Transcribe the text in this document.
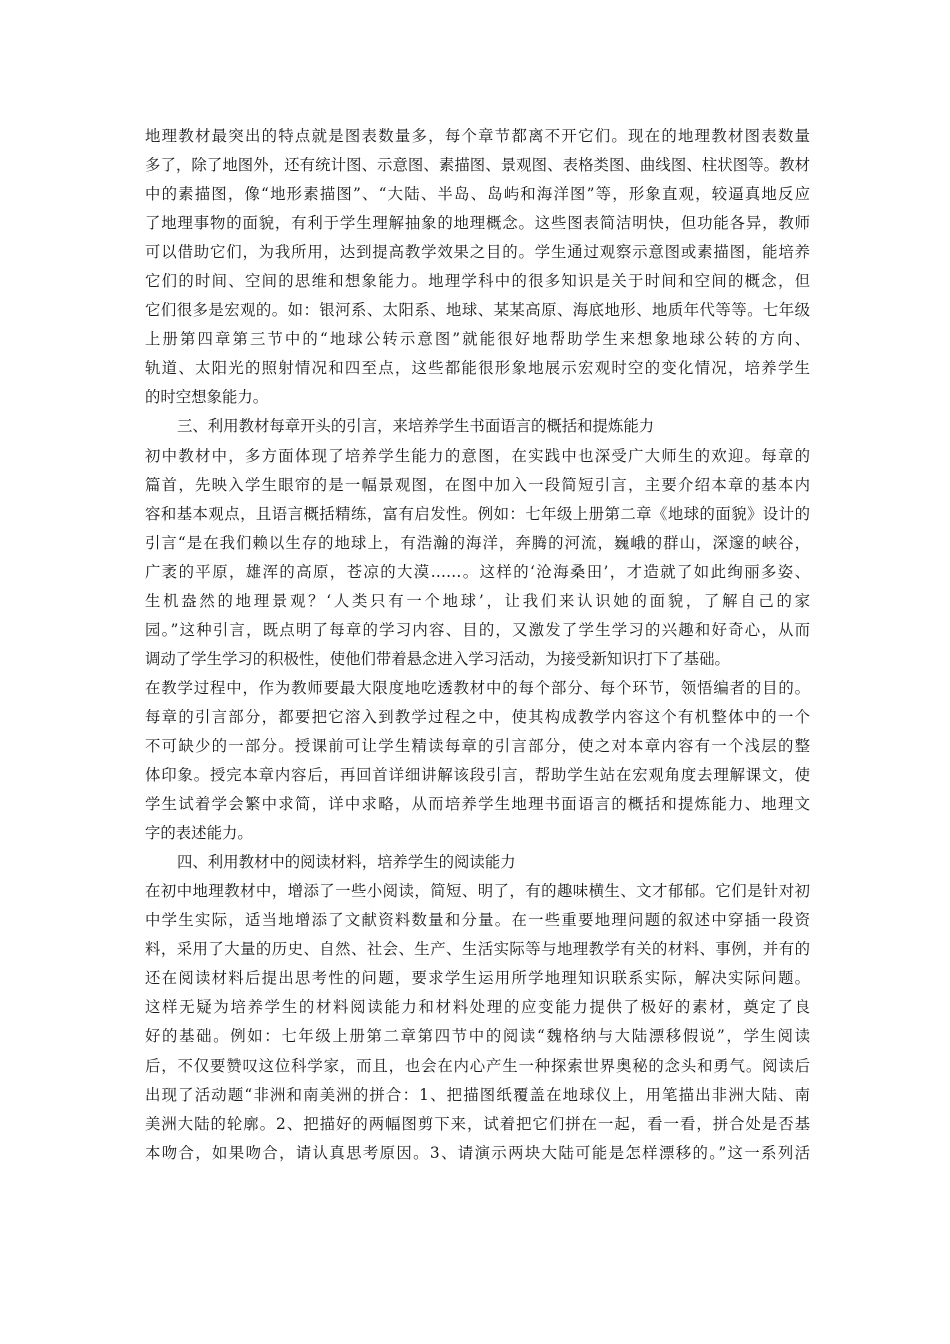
地理教材最突出的特点就是图表数量多，每个章节都离不开它们。现在的地理教材图表数量
多了，除了地图外，还有统计图、示意图、素描图、景观图、表格类图、曲线图、柱状图等。教材
中的素描图，像“地形素描图”、“大陆、半岛、岛屿和海洋图”等，形象直观，较逼真地反应
了地理事物的面貌，有利于学生理解抽象的地理概念。这些图表简洁明快，但功能各异，教师
可以借助它们，为我所用，达到提高教学效果之目的。学生通过观察示意图或素描图，能培养
它们的时间、空间的思维和想象能力。地理学科中的很多知识是关于时间和空间的概念，但
它们很多是宏观的。如：银河系、太阳系、地球、某某高原、海底地形、地质年代等等。七年级
上册第四章第三节中的“地球公转示意图”就能很好地帮助学生来想象地球公转的方向、
轨道、太阳光的照射情况和四至点，这些都能很形象地展示宏观时空的变化情况，培养学生
的时空想象能力。
三、利用教材每章开头的引言，来培养学生书面语言的概括和提炼能力
初中教材中，多方面体现了培养学生能力的意图，在实践中也深受广大师生的欢迎。每章的
篇首，先映入学生眼帘的是一幅景观图，在图中加入一段简短引言，主要介绍本章的基本内
容和基本观点，且语言概括精练，富有启发性。例如：七年级上册第二章《地球的面貌》设计的
引言“是在我们赖以生存的地球上，有浩瀚的海洋，奔腾的河流，巍峨的群山，深邃的峡谷，
广袤的平原，雄浑的高原，苍凉的大漠……。这样的‘沧海桑田’，才造就了如此绚丽多姿、
生机盎然的地理景观？‘人类只有一个地球’，让我们来认识她的面貌，了解自己的家
园。”这种引言，既点明了每章的学习内容、目的，又激发了学生学习的兴趣和好奇心，从而
调动了学生学习的积极性，使他们带着悬念进入学习活动，为接受新知识打下了基础。
在教学过程中，作为教师要最大限度地吃透教材中的每个部分、每个环节，领悟编者的目的。
每章的引言部分，都要把它溶入到教学过程之中，使其构成教学内容这个有机整体中的一个
不可缺少的一部分。授课前可让学生精读每章的引言部分，使之对本章内容有一个浅层的整
体印象。授完本章内容后，再回首详细讲解该段引言，帮助学生站在宏观角度去理解课文，使
学生试着学会繁中求简，详中求略，从而培养学生地理书面语言的概括和提炼能力、地理文
字的表述能力。
四、利用教材中的阅读材料，培养学生的阅读能力
在初中地理教材中，增添了一些小阅读，简短、明了，有的趣味横生、文才郁郁。它们是针对初
中学生实际，适当地增添了文献资料数量和分量。在一些重要地理问题的叙述中穿插一段资
料，采用了大量的历史、自然、社会、生产、生活实际等与地理教学有关的材料、事例，并有的
还在阅读材料后提出思考性的问题，要求学生运用所学地理知识联系实际，解决实际问题。
这样无疑为培养学生的材料阅读能力和材料处理的应变能力提供了极好的素材，奠定了良
好的基础。例如：七年级上册第二章第四节中的阅读“魏格纳与大陆漂移假说”，学生阅读
后，不仅要赞叹这位科学家，而且，也会在内心产生一种探索世界奥秘的念头和勇气。阅读后
出现了活动题“非洲和南美洲的拼合：1、把描图纸覆盖在地球仪上，用笔描出非洲大陆、南
美洲大陆的轮廓。2、把描好的两幅图剪下来，试着把它们拼在一起，看一看，拼合处是否基
本吻合，如果吻合，请认真思考原因。3、请演示两块大陆可能是怎样漂移的。”这一系列活
